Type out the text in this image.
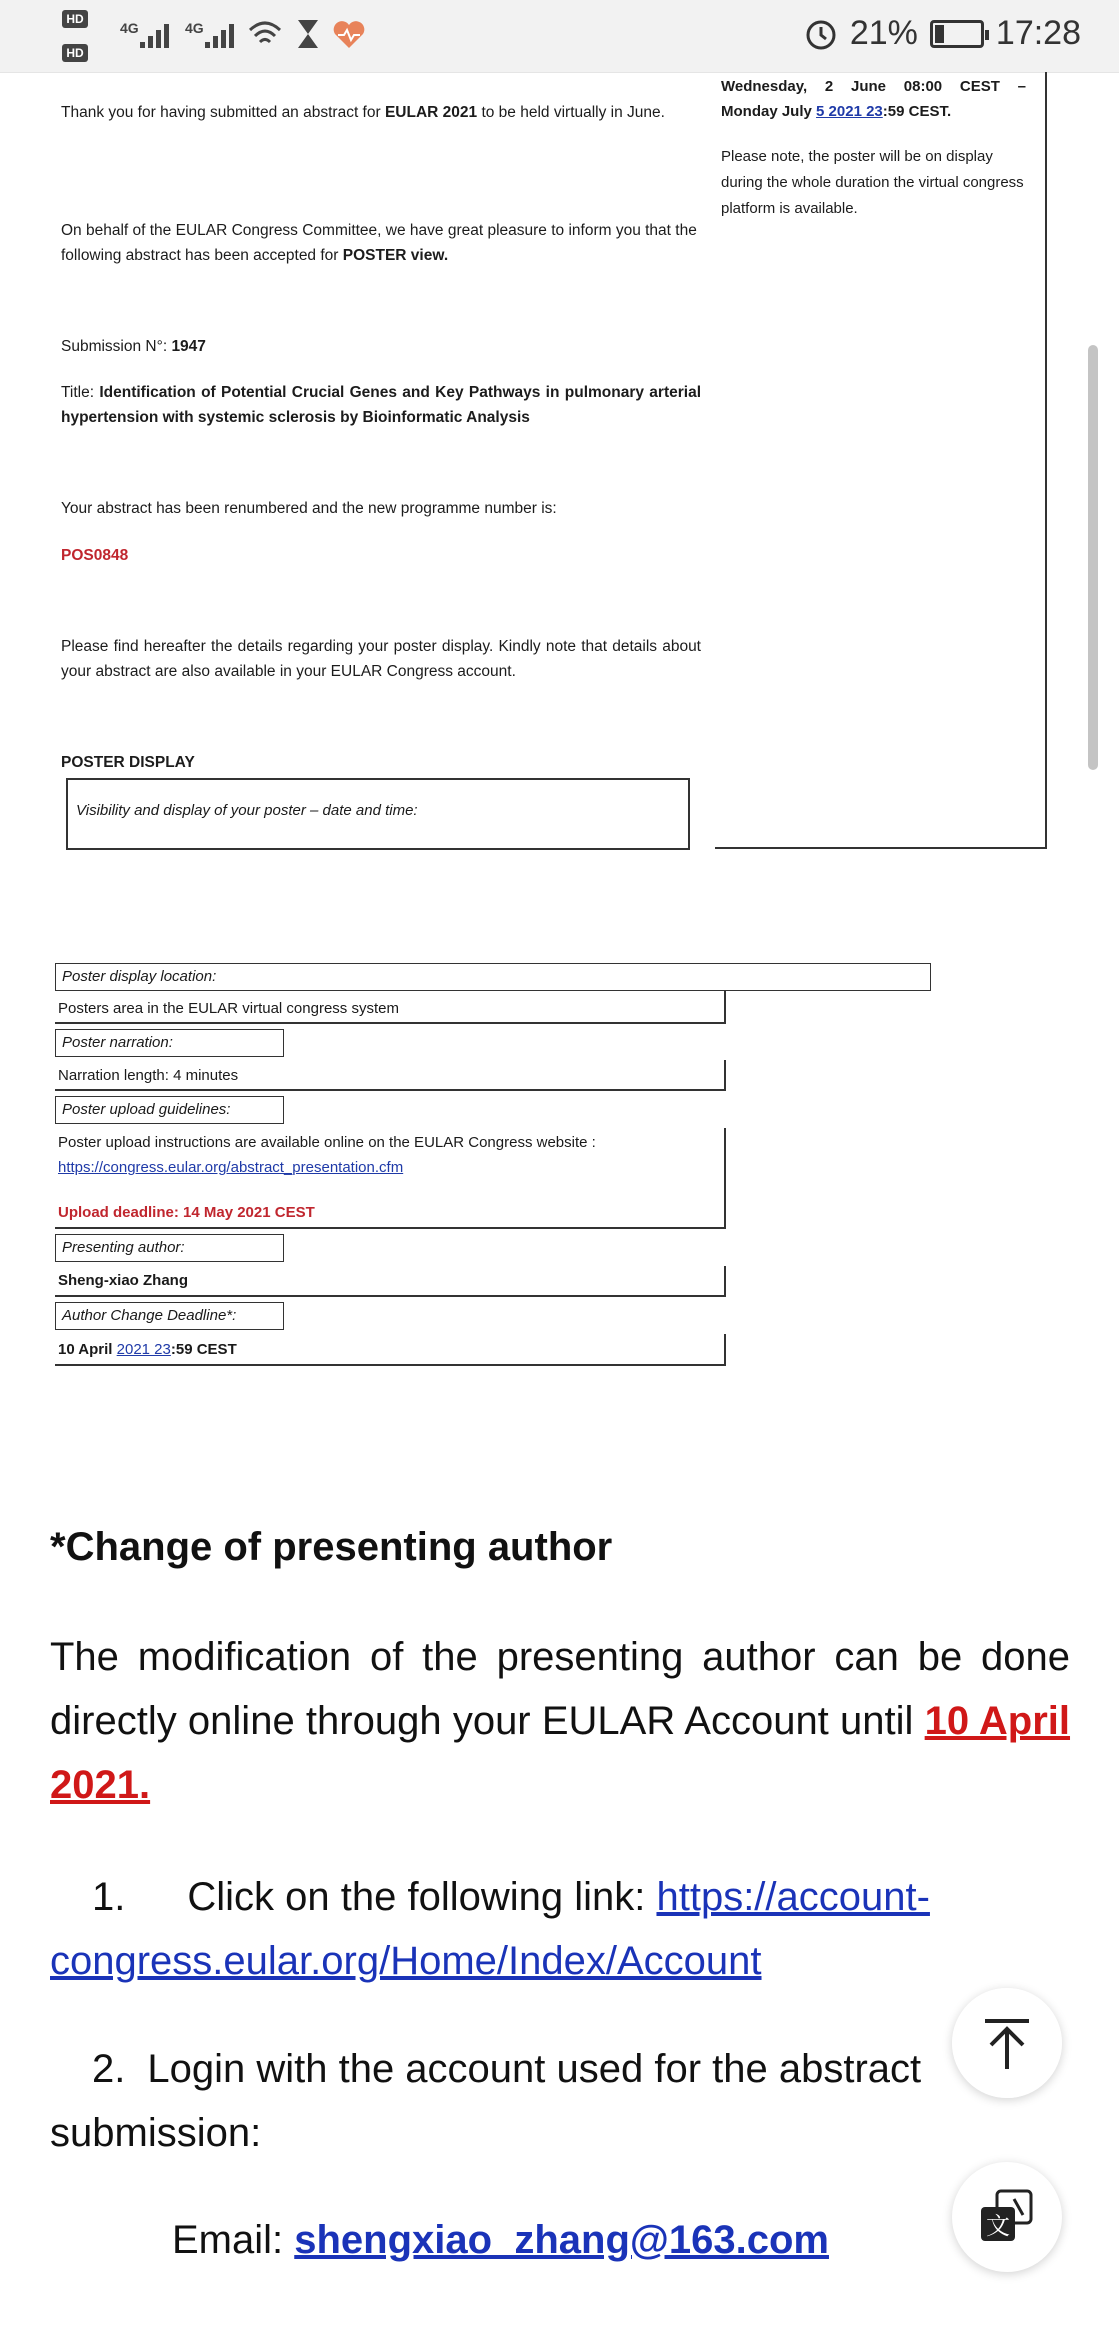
HD
HD
4G	4G	21% 17:28
Thank you for having submitted an abstract for EULAR 2021 to be held virtually in June.
On behalf of the EULAR Congress Committee, we have great pleasure to inform you that the following abstract has been accepted for POSTER view.
Submission N°: 1947
Title: Identification of Potential Crucial Genes and Key Pathways in pulmonary arterial hypertension with systemic sclerosis by Bioinformatic Analysis
Your abstract has been renumbered and the new programme number is:
POS0848
Please find hereafter the details regarding your poster display. Kindly note that details about your abstract are also available in your EULAR Congress account.
POSTER DISPLAY
Visibility and display of your poster – date and time:
Wednesday, 2 June 08:00 CEST –
Monday July 5 2021 23:59 CEST.
Please note, the poster will be on display during the whole duration the virtual congress platform is available.
Poster display location:
Posters area in the EULAR virtual congress system
Poster narration:
Narration length: 4 minutes
Poster upload guidelines:
Poster upload instructions are available online on the EULAR Congress website :
https://congress.eular.org/abstract_presentation.cfm
Upload deadline: 14 May 2021 CEST
Presenting author:
Sheng-xiao Zhang
Author Change Deadline*:
10 April 2021 23:59 CEST
*Change of presenting author
The modification of the presenting author can be done directly online through your EULAR Account until 10 April 2021.
1. Click on the following link: https://account-
congress.eular.org/Home/Index/Account
2. Login with the account used for the abstract
submission:
Email: shengxiao_zhang@163.com	文
